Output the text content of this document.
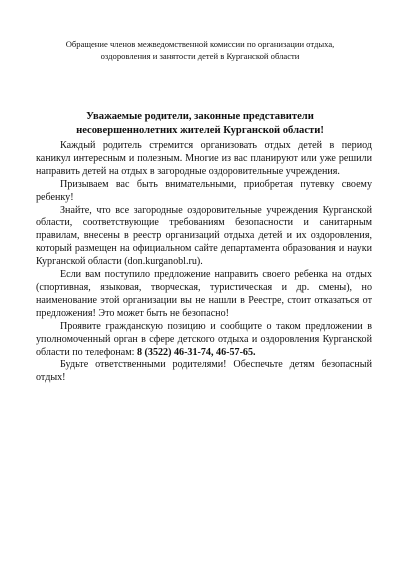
Обращение членов межведомственной комиссии по организации отдыха,
оздоровления и занятости детей в Курганской области
Уважаемые родители, законные представители
несовершеннолетних жителей Курганской области!

Каждый родитель стремится организовать отдых детей в период каникул интересным и полезным. Многие из вас планируют или уже решили направить детей на отдых в загородные оздоровительные учреждения.

Призываем вас быть внимательными, приобретая путевку своему ребенку!

Знайте, что все загородные оздоровительные учреждения Курганской области, соответствующие требованиям безопасности и санитарным правилам, внесены в реестр организаций отдыха детей и их оздоровления, который размещен на официальном сайте департамента образования и науки Курганской области (don.kurganobl.ru).

Если вам поступило предложение направить своего ребенка на отдых (спортивная, языковая, творческая, туристическая и др. смены), но наименование этой организации вы не нашли в Реестре, стоит отказаться от предложения! Это может быть не безопасно!

Проявите гражданскую позицию и сообщите о таком предложении в уполномоченный орган в сфере детского отдыха и оздоровления Курганской области по телефонам: 8 (3522) 46-31-74, 46-57-65.

Будьте ответственными родителями! Обеспечьте детям безопасный отдых!
